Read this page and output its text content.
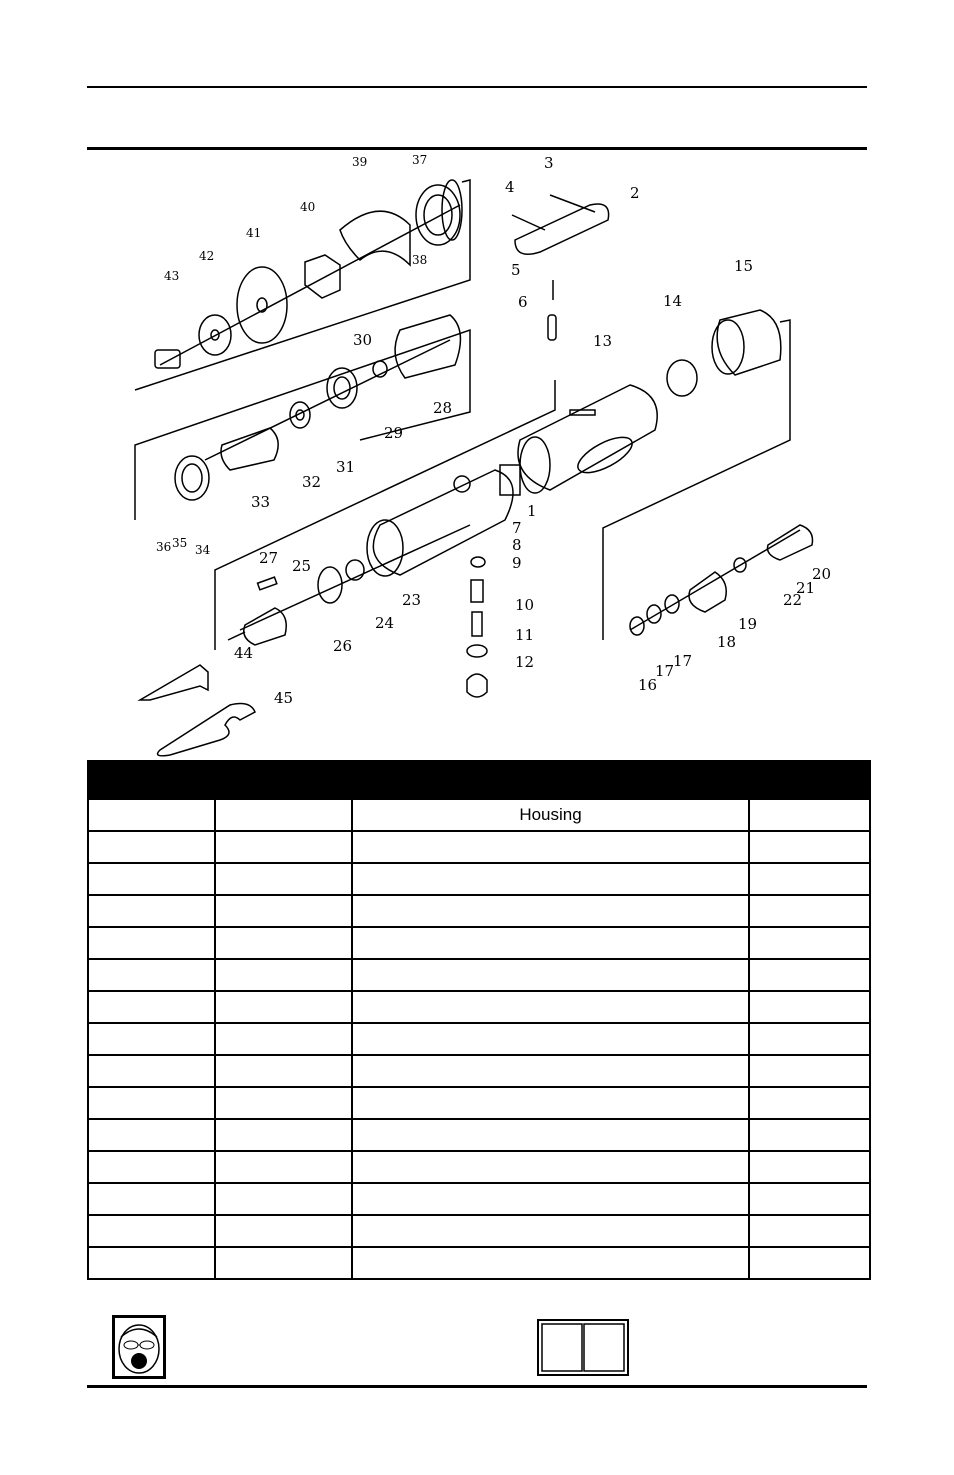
1
2
3
4
5
6
7
8
9
10
11
12
13
14
15
16
17
17
18
19
20
21
22
23
24
25
26
27
28
29
30
31
32
33
34
35
36
37
38
39
40
41
42
43
44
45

		Housing	
